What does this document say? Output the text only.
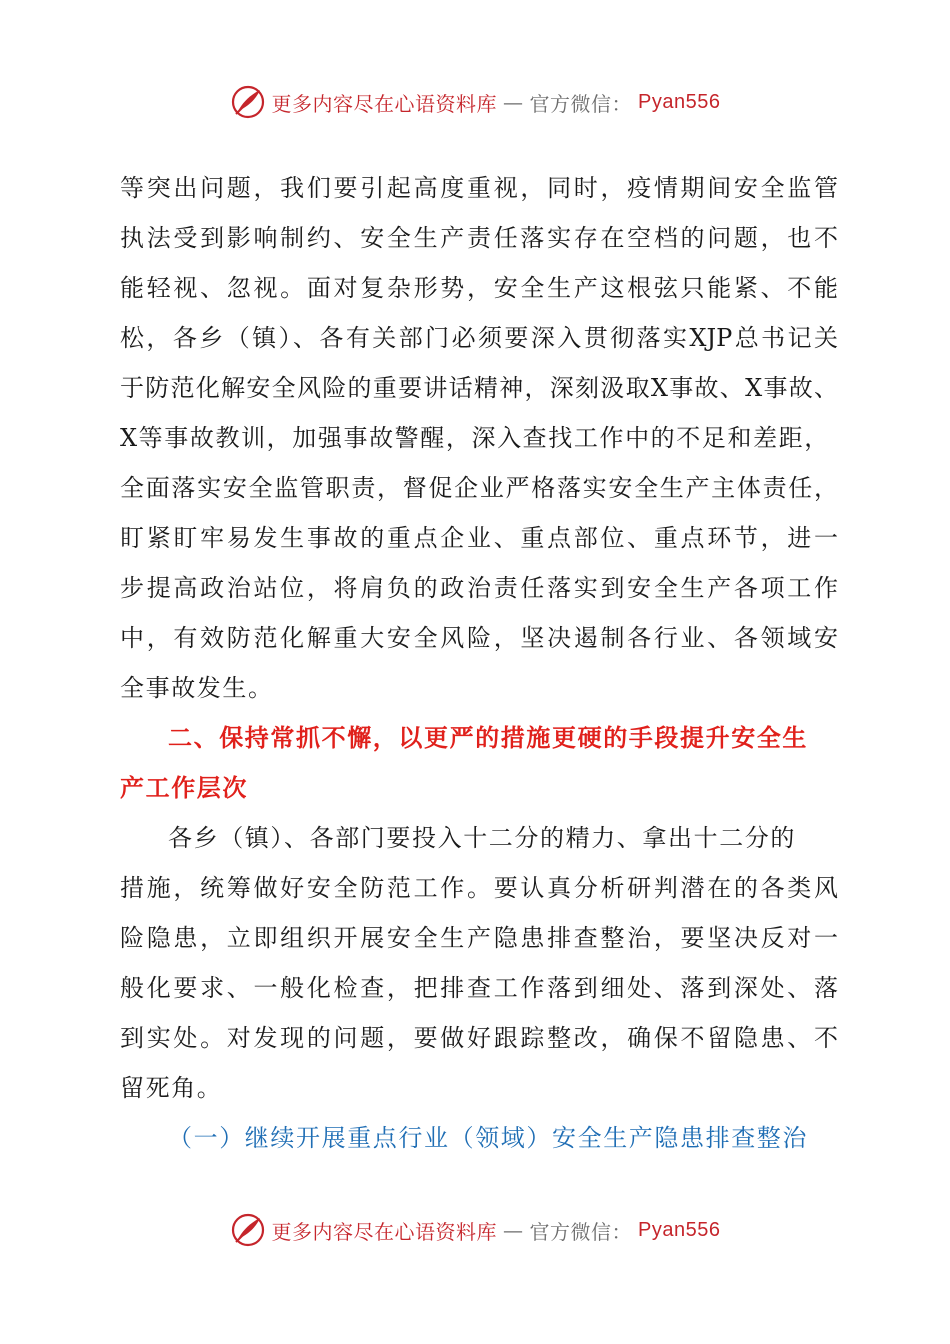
更多内容尽在心语资料库 — 官方微信： Pyan556
等突出问题，我们要引起高度重视，同时，疫情期间安全监管
执法受到影响制约、安全生产责任落实存在空档的问题，也不
能轻视、忽视。面对复杂形势，安全生产这根弦只能紧、不能
松，各乡（镇）、各有关部门必须要深入贯彻落实XJP总书记关
于防范化解安全风险的重要讲话精神，深刻汲取X事故、X事故、
X等事故教训，加强事故警醒，深入查找工作中的不足和差距，
全面落实安全监管职责，督促企业严格落实安全生产主体责任，
盯紧盯牢易发生事故的重点企业、重点部位、重点环节，进一
步提高政治站位，将肩负的政治责任落实到安全生产各项工作
中，有效防范化解重大安全风险，坚决遏制各行业、各领域安
全事故发生。
二、保持常抓不懈，以更严的措施更硬的手段提升安全生
产工作层次
各乡（镇）、各部门要投入十二分的精力、拿出十二分的
措施，统筹做好安全防范工作。要认真分析研判潜在的各类风
险隐患，立即组织开展安全生产隐患排查整治，要坚决反对一
般化要求、一般化检查，把排查工作落到细处、落到深处、落
到实处。对发现的问题，要做好跟踪整改，确保不留隐患、不
留死角。
（一）继续开展重点行业（领域）安全生产隐患排查整治
更多内容尽在心语资料库 — 官方微信： Pyan556
